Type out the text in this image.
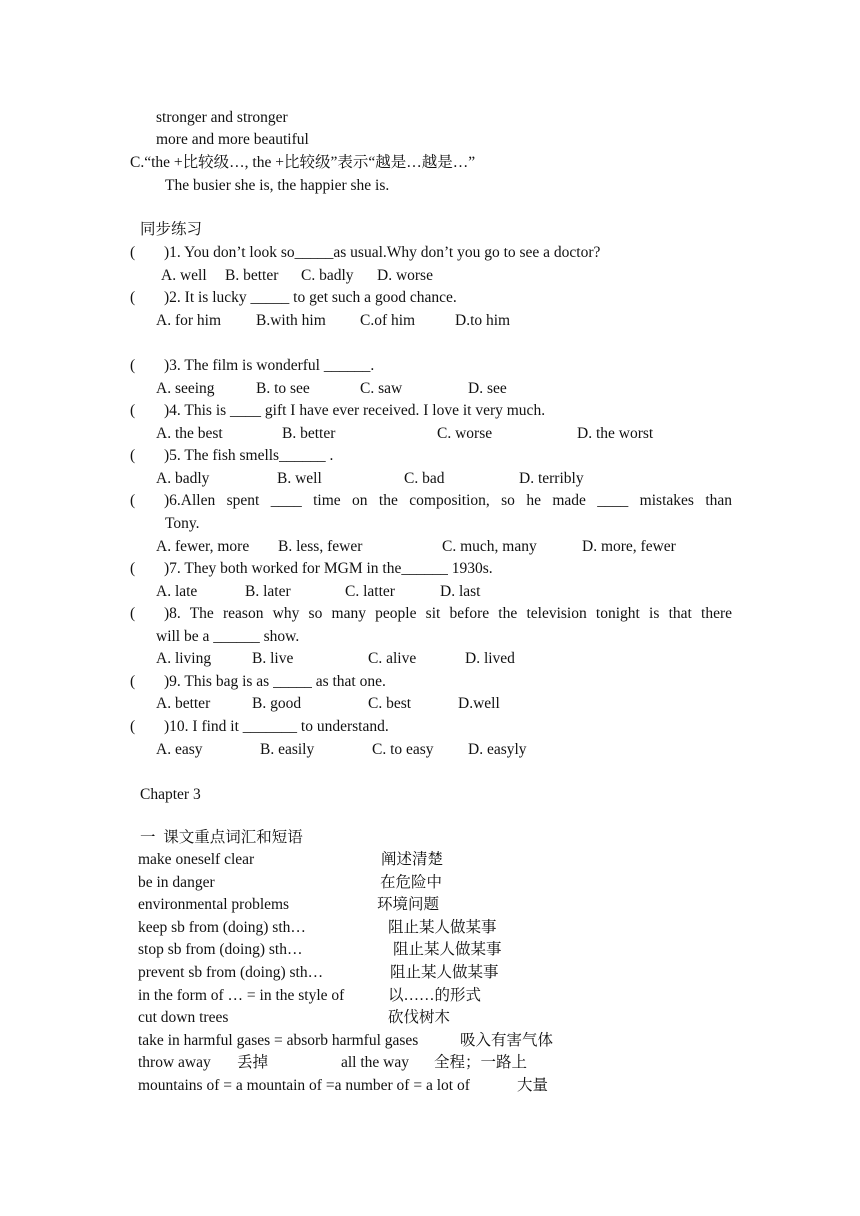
stronger and stronger
more and more beautiful
C.“the +比较级…, the +比较级”表示“越是…越是…”
The busier she is, the happier she is.
同步练习
( )1. You don’t look so_____as usual.Why don’t you go to see a doctor?
A. well B. better C. badly D. worse
( )2. It is lucky _____ to get such a good chance.
A. for him B.with him C.of him	D.to him
( )3. The film is wonderful ______.
A. seeing	B. to see	C. saw	D. see
( )4. This is ____ gift I have ever received. I love it very much.
A. the best	B. better	C. worse	D. the worst
( )5. The fish smells______ .
A. badly	B. well	C. bad	D. terribly
( )6.Allen spent ____ time on the composition, so he made ____ mistakes than
Tony.
A. fewer, more B. less, fewer	C. much, many	D. more, fewer
( )7. They both worked for MGM in the______ 1930s.
A. late	B. later	C. latter	D. last
( )8. The reason why so many people sit before the television tonight is that there
will be a ______ show.
A. living	B. live	C. alive	D. lived
( )9. This bag is as _____ as that one.
A. better	B. good	C. best	D.well
( )10. I find it _______ to understand.
A. easy	B. easily	C. to easy D. easyly
Chapter 3
一  课文重点词汇和短语
make oneself clear	阐述清楚
be in danger	在危险中
environmental problems	环境问题
keep sb from (doing) sth…	阻止某人做某事
stop sb from (doing) sth…	阻止某人做某事
prevent sb from (doing) sth…	阻止某人做某事
in the form of … = in the style of	以……的形式
cut down trees	砍伐树木
take in harmful gases = absorb harmful gases	吸入有害气体
throw away 丢掉	all the way 全程；一路上
mountains of = a mountain of =a number of = a lot of	大量
